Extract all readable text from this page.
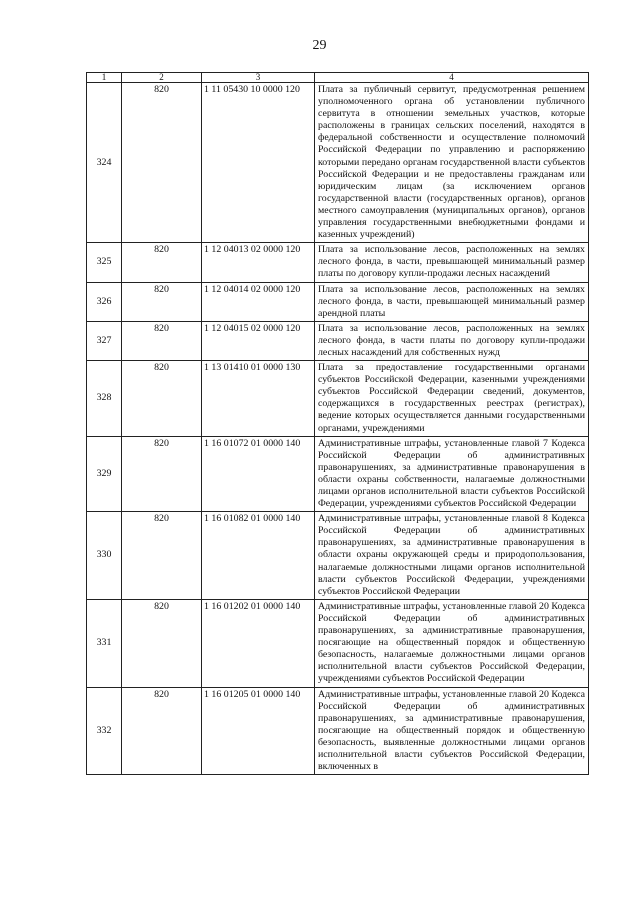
29
1	2	3	4
324	820	1 11 05430 10 0000 120	Плата за публичный сервитут, предусмотренная решением уполномоченного органа об установлении публичного сервитута в отношении земельных участков, которые расположены в границах сельских поселений, находятся в федеральной собственности и осуществление полномочий Российской Федерации по управлению и распоряжению которыми передано органам государственной власти субъектов Российской Федерации и не предоставлены гражданам или юридическим лицам (за исключением органов государственной власти (государственных органов), органов местного самоуправления (муниципальных органов), органов управления государственными внебюджетными фондами и казенных учреждений)
325	820	1 12 04013 02 0000 120	Плата за использование лесов, расположенных на землях лесного фонда, в части, превышающей минимальный размер платы по договору купли-продажи лесных насаждений
326	820	1 12 04014 02 0000 120	Плата за использование лесов, расположенных на землях лесного фонда, в части, превышающей минимальный размер арендной платы
327	820	1 12 04015 02 0000 120	Плата за использование лесов, расположенных на землях лесного фонда, в части платы по договору купли-продажи лесных насаждений для собственных нужд
328	820	1 13 01410 01 0000 130	Плата за предоставление государственными органами субъектов Российской Федерации, казенными учреждениями субъектов Российской Федерации сведений, документов, содержащихся в государственных реестрах (регистрах), ведение которых осуществляется данными государственными органами, учреждениями
329	820	1 16 01072 01 0000 140	Административные штрафы, установленные главой 7 Кодекса Российской Федерации об административных правонарушениях, за административные правонарушения в области охраны собственности, налагаемые должностными лицами органов исполнительной власти субъектов Российской Федерации, учреждениями субъектов Российской Федерации
330	820	1 16 01082 01 0000 140	Административные штрафы, установленные главой 8 Кодекса Российской Федерации об административных правонарушениях, за административные правонарушения в области охраны окружающей среды и природопользования, налагаемые должностными лицами органов исполнительной власти субъектов Российской Федерации, учреждениями субъектов Российской Федерации
331	820	1 16 01202 01 0000 140	Административные штрафы, установленные главой 20 Кодекса Российской Федерации об административных правонарушениях, за административные правонарушения, посягающие на общественный порядок и общественную безопасность, налагаемые должностными лицами органов исполнительной власти субъектов Российской Федерации, учреждениями субъектов Российской Федерации
332	820	1 16 01205 01 0000 140	Административные штрафы, установленные главой 20 Кодекса Российской Федерации об административных правонарушениях, за административные правонарушения, посягающие на общественный порядок и общественную безопасность, выявленные должностными лицами органов исполнительной власти субъектов Российской Федерации, включенных в
